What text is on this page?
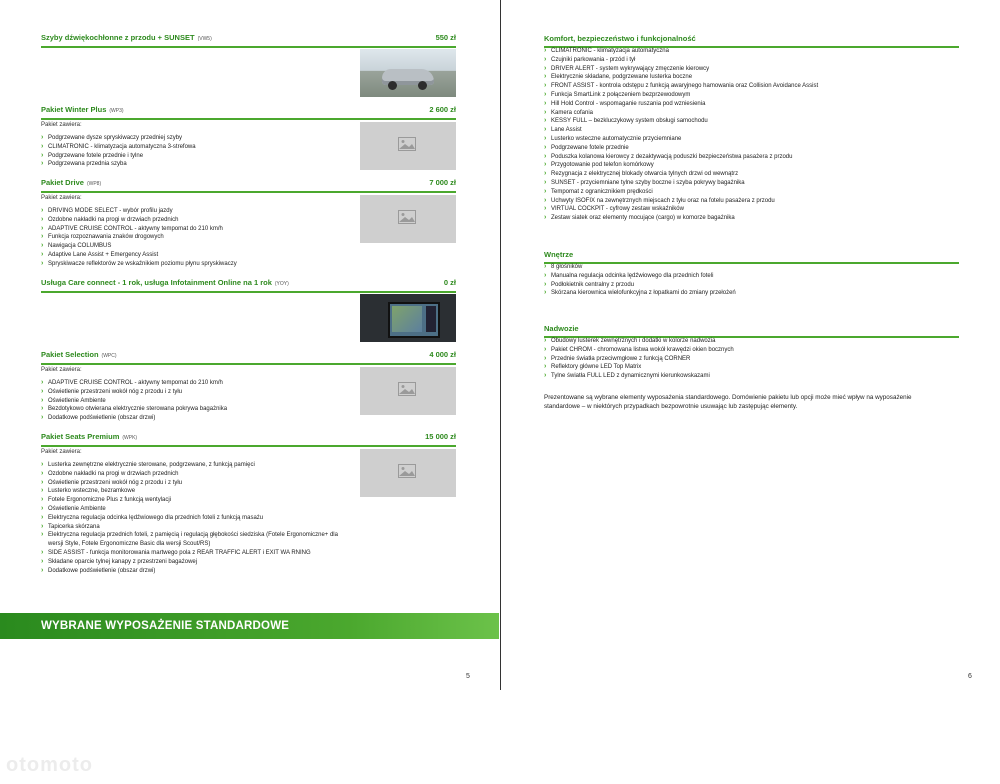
Szyby dźwiękochłonne z przodu + SUNSET (VW5)	550 zł
Pakiet Winter Plus (WP3)	2 600 zł
Pakiet zawiera:
› Podgrzewane dysze spryskiwaczy przedniej szyby
› CLIMATRONIC - klimatyzacja automatyczna 3-strefowa
› Podgrzewane fotele przednie i tylne
› Podgrzewana przednia szyba
Pakiet Drive (WP8)	7 000 zł
Pakiet zawiera:
› DRIVING MODE SELECT - wybór profilu jazdy
› Ozdobne nakładki na progi w drzwiach przednich
› ADAPTIVE CRUISE CONTROL - aktywny tempomat do 210 km/h
› Funkcja rozpoznawania znaków drogowych
› Nawigacja COLUMBUS
› Adaptive Lane Assist + Emergency Assist
› Spryskiwacze reflektorów ze wskaźnikiem poziomu płynu spryskiwaczy
Usługa Care connect - 1 rok, usługa Infotainment Online na 1 rok (YOY)	0 zł
Pakiet Selection (WPC)	4 000 zł
Pakiet zawiera:
› ADAPTIVE CRUISE CONTROL - aktywny tempomat do 210 km/h
› Oświetlenie przestrzeni wokół nóg z przodu i z tyłu
› Oświetlenie Ambiente
› Bezdotykowo otwierana elektrycznie sterowana pokrywa bagażnika
› Dodatkowe podświetlenie (obszar drzwi)
Pakiet Seats Premium (WPK)	15 000 zł
Pakiet zawiera:
› Lusterka zewnętrzne elektrycznie sterowane, podgrzewane, z funkcją pamięci
› Ozdobne nakładki na progi w drzwiach przednich
› Oświetlenie przestrzeni wokół nóg z przodu i z tyłu
› Lusterko wsteczne, bezramkowe
› Fotele Ergonomiczne Plus z funkcją wentylacji
› Oświetlenie Ambiente
› Elektryczna regulacja odcinka lędźwiowego dla przednich foteli z funkcją masażu
› Tapicerka skórzana
› Elektryczna regulacja przednich foteli, z pamięcią i regulacją głębokości siedziska (Fotele Ergonomiczne+ dla wersji Style, Fotele Ergonomiczne Basic dla wersji Scout/RS)
› SIDE ASSIST - funkcja monitorowania martwego pola z REAR TRAFFIC ALERT i EXIT WA RNING
› Składane oparcie tylnej kanapy z przestrzeni bagażowej
› Dodatkowe podświetlenie (obszar drzwi)
WYBRANE WYPOSAŻENIE STANDARDOWE
5
Komfort, bezpieczeństwo i funkcjonalność
› CLIMATRONIC - klimatyzacja automatyczna
› Czujniki parkowania - przód i tył
› DRIVER ALERT - system wykrywający zmęczenie kierowcy
› Elektrycznie składane, podgrzewane lusterka boczne
› FRONT ASSIST - kontrola odstępu z funkcją awaryjnego hamowania oraz Collision Avoidance Assist
› Funkcja SmartLink z połączeniem bezprzewodowym
› Hill Hold Control - wspomaganie ruszania pod wzniesienia
› Kamera cofania
› KESSY FULL – bezkluczykowy system obsługi samochodu
› Lane Assist
› Lusterko wsteczne automatycznie przyciemniane
› Podgrzewane fotele przednie
› Poduszka kolanowa kierowcy z dezaktywacją poduszki bezpieczeństwa pasażera z przodu
› Przygotowanie pod telefon komórkowy
› Rezygnacja z elektrycznej blokady otwarcia tylnych drzwi od wewnątrz
› SUNSET - przyciemniane tylne szyby boczne i szyba pokrywy bagażnika
› Tempomat z ogranicznikiem prędkości
› Uchwyty ISOFIX na zewnętrznych miejscach z tyłu oraz na fotelu pasażera z przodu
› VIRTUAL COCKPIT - cyfrowy zestaw wskaźników
› Zestaw siatek oraz elementy mocujące (cargo) w komorze bagażnika
Wnętrze
› 8 głośników
› Manualna regulacja odcinka lędźwiowego dla przednich foteli
› Podłokietnik centralny z przodu
› Skórzana kierownica wielofunkcyjna z łopatkami do zmiany przełożeń
Nadwozie
› Obudowy lusterek zewnętrznych i dodatki w kolorze nadwozia
› Pakiet CHROM - chromowana listwa wokół krawędzi okien bocznych
› Przednie światła przeciwmgłowe z funkcją CORNER
› Reflektory główne LED Top Matrix
› Tylne światła FULL LED z dynamicznymi kierunkowskazami
Prezentowane są wybrane elementy wyposażenia standardowego. Domówienie pakietu lub opcji może mieć wpływ na wyposażenie standardowe – w niektórych przypadkach bezpowrotnie usuwając lub zastępując elementy.
6
otomoto
